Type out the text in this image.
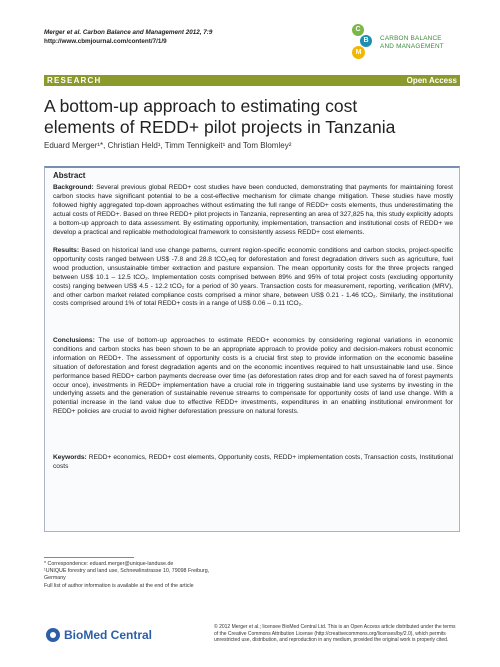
Merger et al. Carbon Balance and Management 2012, 7:9
http://www.cbmjournal.com/content/7/1/9
C
B
M
CARBON BALANCE
AND MANAGEMENT
RESEARCH	Open Access
A bottom-up approach to estimating cost
elements of REDD+ pilot projects in Tanzania
Eduard Merger¹*, Christian Held¹, Timm Tennigkeit¹ and Tom Blomley²
Abstract

Background: Several previous global REDD+ cost studies have been conducted, demonstrating that payments for maintaining forest carbon stocks have significant potential to be a cost-effective mechanism for climate change mitigation. These studies have mostly followed highly aggregated top-down approaches without estimating the full range of REDD+ costs elements, thus underestimating the actual costs of REDD+. Based on three REDD+ pilot projects in Tanzania, representing an area of 327,825 ha, this study explicitly adopts a bottom-up approach to data assessment. By estimating opportunity, implementation, transaction and institutional costs of REDD+ we develop a practical and replicable methodological framework to consistently assess REDD+ cost elements.

Results: Based on historical land use change patterns, current region-specific economic conditions and carbon stocks, project-specific opportunity costs ranged between US$ -7.8 and 28.8 tCO₂eq for deforestation and forest degradation drivers such as agriculture, fuel wood production, unsustainable timber extraction and pasture expansion. The mean opportunity costs for the three projects ranged between US$ 10.1 – 12.5 tCO₂. Implementation costs comprised between 89% and 95% of total project costs (excluding opportunity costs) ranging between US$ 4.5 - 12.2 tCO₂ for a period of 30 years. Transaction costs for measurement, reporting, verification (MRV), and other carbon market related compliance costs comprised a minor share, between US$ 0.21 - 1.46 tCO₂. Similarly, the institutional costs comprised around 1% of total REDD+ costs in a range of US$ 0.06 – 0.11 tCO₂.

Conclusions: The use of bottom-up approaches to estimate REDD+ economics by considering regional variations in economic conditions and carbon stocks has been shown to be an appropriate approach to provide policy and decision-makers robust economic information on REDD+. The assessment of opportunity costs is a crucial first step to provide information on the economic baseline situation of deforestation and forest degradation agents and on the economic incentives required to halt unsustainable land use. Since performance based REDD+ carbon payments decrease over time (as deforestation rates drop and for each saved ha of forest payments occur once), investments in REDD+ implementation have a crucial role in triggering sustainable land use systems by investing in the underlying assets and the generation of sustainable revenue streams to compensate for opportunity costs of land use change. With a potential increase in the land value due to effective REDD+ investments, expenditures in an enabling institutional environment for REDD+ policies are crucial to avoid higher deforestation pressure on natural forests.

Keywords: REDD+ economics, REDD+ cost elements, Opportunity costs, REDD+ implementation costs, Transaction costs, Institutional costs

* Correspondence: eduard.merger@unique-landuse.de
¹UNIQUE forestry and land use, Schnewlinstrasse 10, 79098 Freiburg, Germany
Full list of author information is available at the end of the article
BioMed Central
© 2012 Merger et al.; licensee BioMed Central Ltd. This is an Open Access article distributed under the terms of the Creative Commons Attribution License (http://creativecommons.org/licenses/by/2.0), which permits unrestricted use, distribution, and reproduction in any medium, provided the original work is properly cited.
